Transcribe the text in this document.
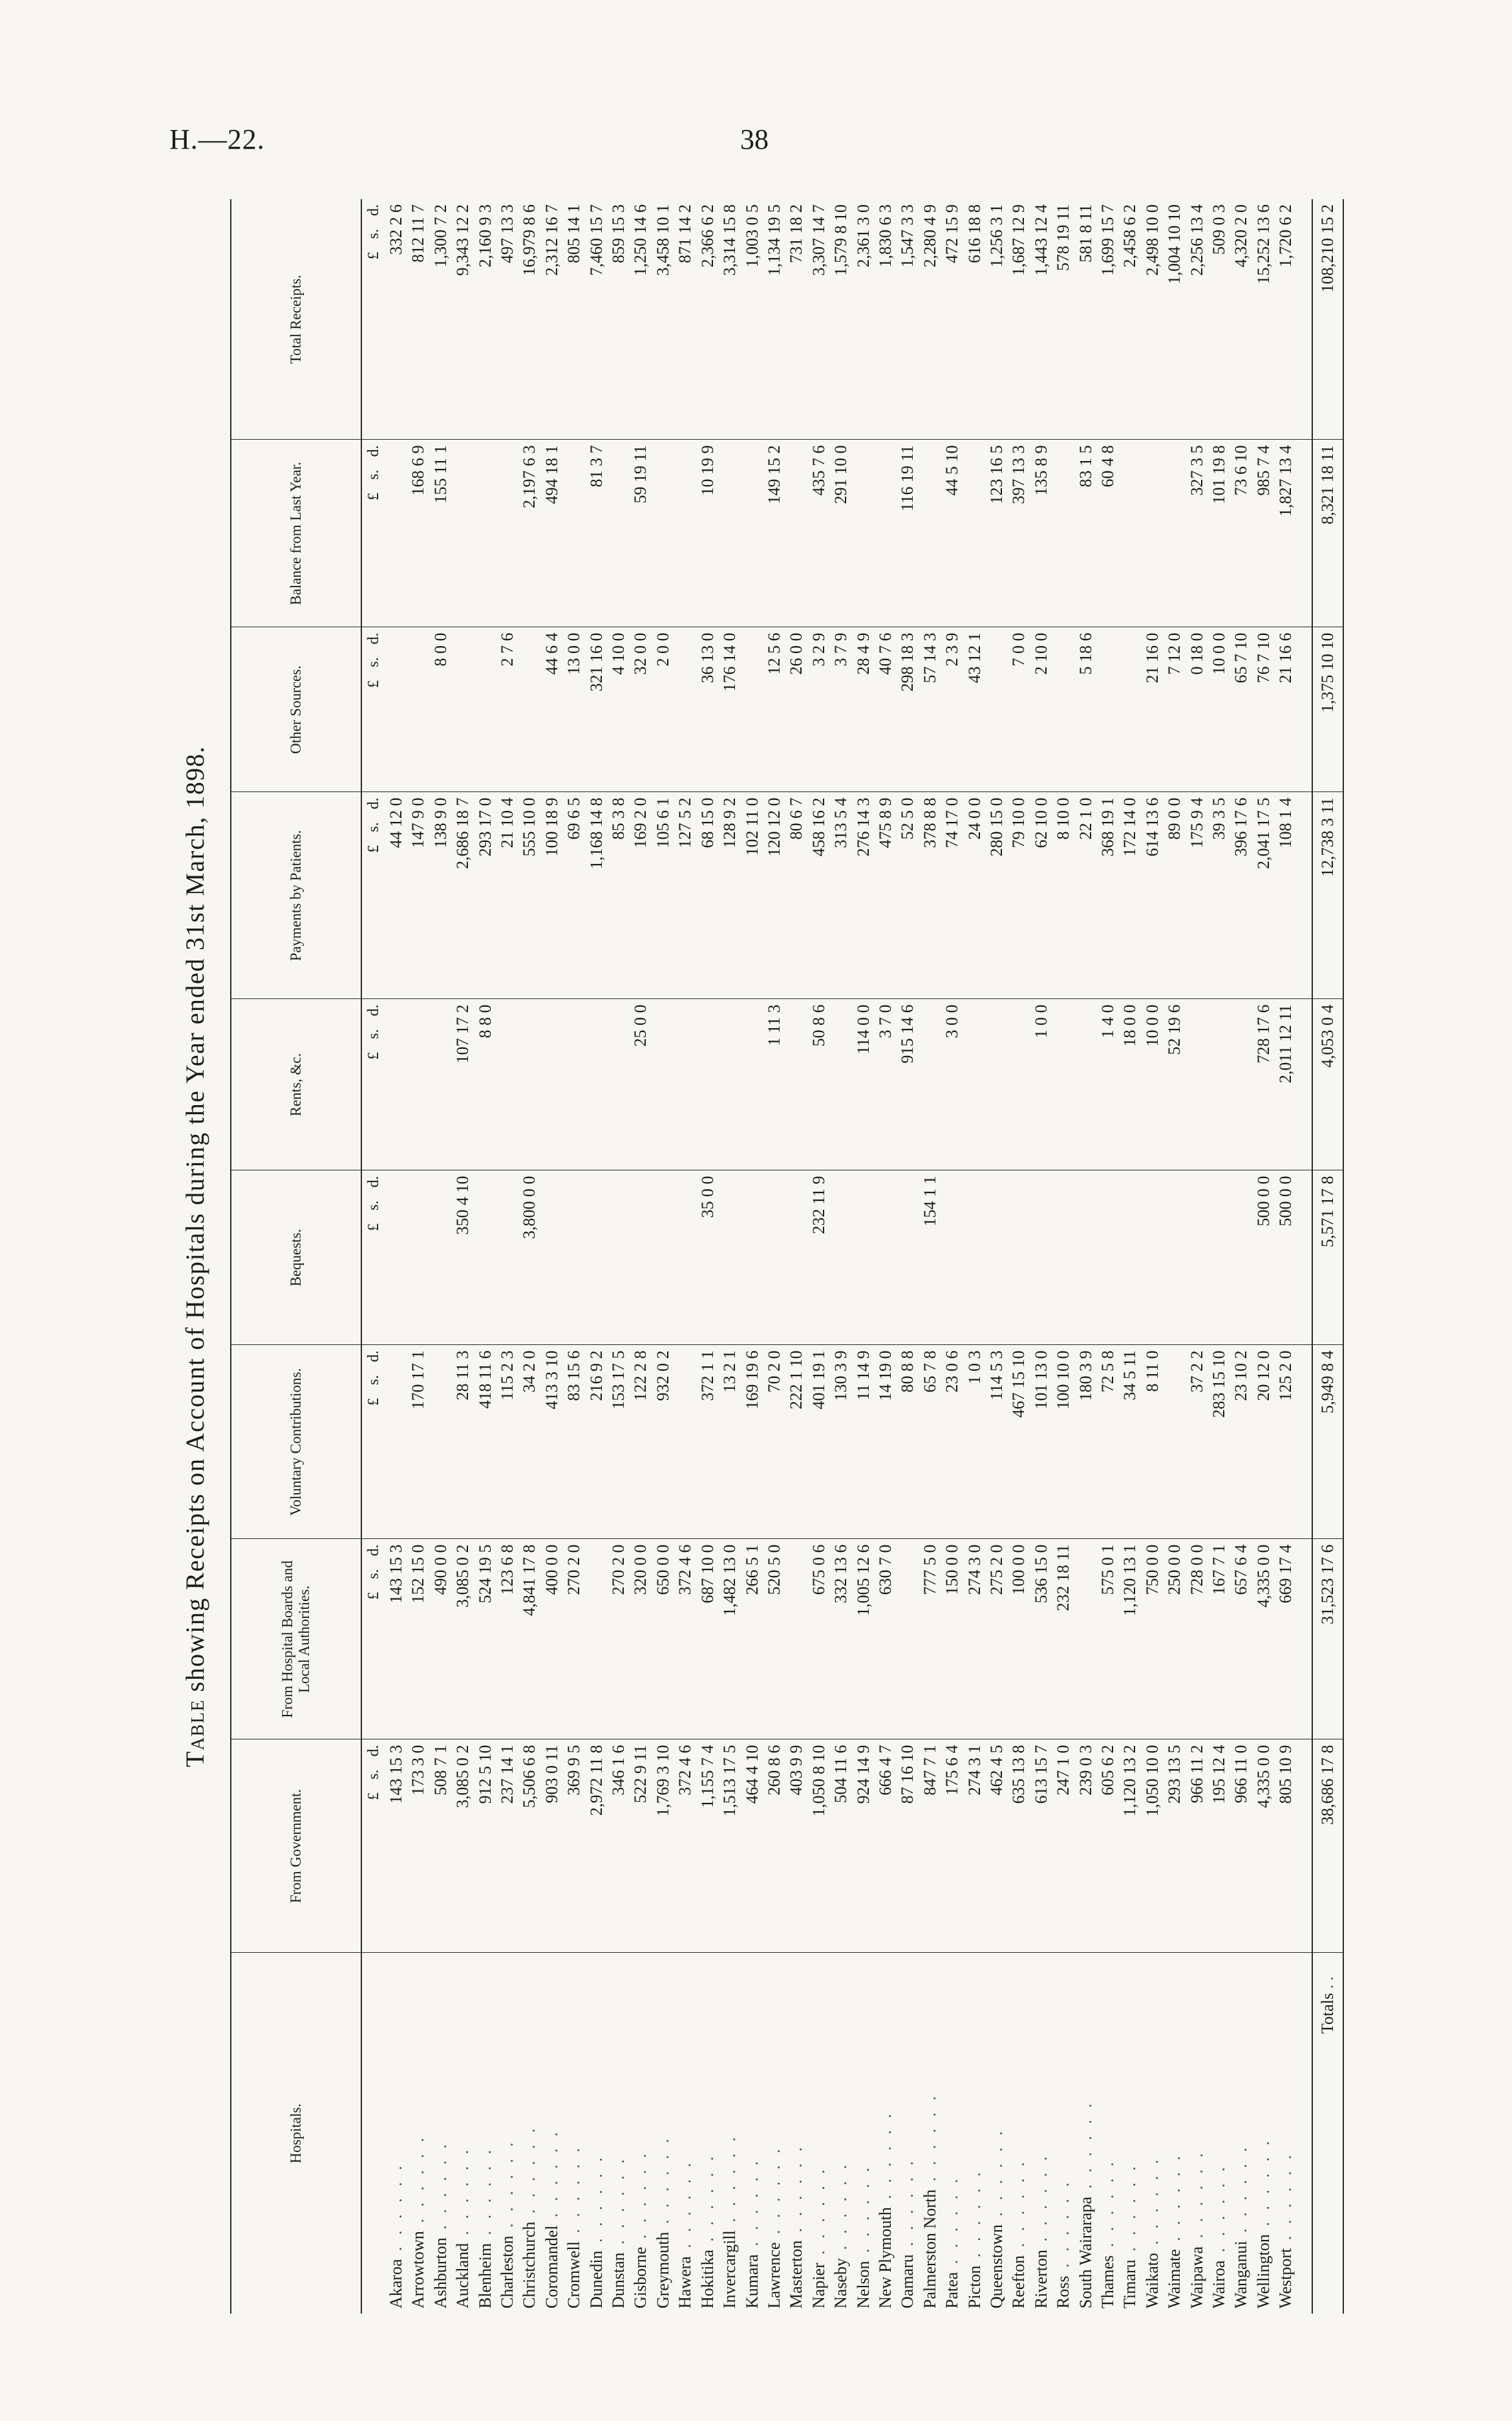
H.—22.	38
Table showing Receipts on Account of Hospitals during the Year ended 31st March, 1898.
Hospitals.	From Government.	From Hospital Boards and Local Authorities.	Voluntary Contributions.	Bequests.	Rents, &c.	Payments by Patients.	Other Sources.	Balance from Last Year.	Total Receipts.
	£ s. d.	£ s. d.	£ s. d.	£ s. d.	£ s. d.	£ s. d.	£ s. d.	£ s. d.	£ s. d.
Akaroa . . . . . .	143 15 3	143 15 3				44 12 0			332 2 6
Arrowtown . . . . . .	173 3 0	152 15 0	170 17 1			147 9 0		168 6 9	812 11 7
Ashburton . . . . . .	508 7 1	490 0 0				138 9 0	8 0 0	155 11 1	1,300 7 2
Auckland . . . . . .	3,085 0 2	3,085 0 2	28 11 3	350 4 10	107 17 2	2,686 18 7			9,343 12 2
Blenheim . . . . . .	912 5 10	524 19 5	418 11 6		8 8 0	293 17 0			2,160 9 3
Charleston . . . . . .	237 14 1	123 6 8	115 2 3			21 10 4	2 7 6		497 13 3
Christchurch . . . . . .	5,506 6 8	4,841 17 8	34 2 0	3,800 0 0		555 10 0		2,197 6 3	16,979 8 6
Coromandel . . . . . .	903 0 11	400 0 0	413 3 10			100 18 9	44 6 4	494 18 1	2,312 16 7
Cromwell . . . . . .	369 9 5	270 2 0	83 15 6			69 6 5	13 0 0		805 14 1
Dunedin . . . . . .	2,972 11 8		216 9 2			1,168 14 8	321 16 0	81 3 7	7,460 15 7
Dunstan . . . . . .	346 1 6	270 2 0	153 17 5			85 3 8	4 10 0		859 15 3
Gisborne . . . . . .	522 9 11	320 0 0	122 2 8		25 0 0	169 2 0	32 0 0	59 19 11	1,250 14 6
Greymouth . . . . . .	1,769 3 10	650 0 0	932 0 2			105 6 1	2 0 0		3,458 10 1
Hawera . . . . . .	372 4 6	372 4 6				127 5 2			871 14 2
Hokitika . . . . . .	1,155 7 4	687 10 0	372 1 1	35 0 0		68 15 0	36 13 0	10 19 9	2,366 6 2
Invercargill . . . . . .	1,513 17 5	1,482 13 0	13 2 1			128 9 2	176 14 0		3,314 15 8
Kumara . . . . . .	464 4 10	266 5 1	169 19 6			102 11 0			1,003 0 5
Lawrence . . . . . .	260 8 6	520 5 0	70 2 0		1 11 3	120 12 0	12 5 6	149 15 2	1,134 19 5
Masterton . . . . . .	403 9 9		222 1 10			80 6 7	26 0 0		731 18 2
Napier . . . . . .	1,050 8 10	675 0 6	401 19 1	232 11 9	50 8 6	458 16 2	3 2 9	435 7 6	3,307 14 7
Naseby . . . . . .	504 11 6	332 13 6	130 3 9			313 5 4	3 7 9	291 10 0	1,579 8 10
Nelson . . . . . .	924 14 9	1,005 12 6	11 14 9		114 0 0	276 14 3	28 4 9		2,361 3 0
New Plymouth . . . . . .	666 4 7	630 7 0	14 19 0		3 7 0	475 8 9	40 7 6		1,830 6 3
Oamaru . . . . . .	87 16 10		80 8 8		915 14 6	52 5 0	298 18 3	116 19 11	1,547 3 3
Palmerston North . . . . . .	847 7 1	777 5 0	65 7 8	154 1 1		378 8 8	57 14 3		2,280 4 9
Patea . . . . . .	175 6 4	150 0 0	23 0 6		3 0 0	74 17 0	2 3 9	44 5 10	472 15 9
Picton . . . . . .	274 3 1	274 3 0	1 0 3			24 0 0	43 12 1		616 18 8
Queenstown . . . . . .	462 4 5	275 2 0	114 5 3			280 15 0		123 16 5	1,256 3 1
Reefton . . . . . .	635 13 8	100 0 0	467 15 10			79 10 0	7 0 0	397 13 3	1,687 12 9
Riverton . . . . . .	613 15 7	536 15 0	101 13 0		1 0 0	62 10 0	2 10 0	135 8 9	1,443 12 4
Ross . . . . . .	247 1 0	232 18 11	100 10 0			8 10 0			578 19 11
South Wairarapa . . . . . .	239 0 3		180 3 9			22 1 0	5 18 6	83 1 5	581 8 11
Thames . . . . . .	605 6 2	575 0 1	72 5 8		1 4 0	368 19 1		60 4 8	1,699 15 7
Timaru . . . . . .	1,120 13 2	1,120 13 1	34 5 11		18 0 0	172 14 0			2,458 6 2
Waikato . . . . . .	1,050 10 0	750 0 0	8 11 0		10 0 0	614 13 6	21 16 0		2,498 10 0
Waimate . . . . . .	293 13 5	250 0 0			52 19 6	89 0 0	7 12 0		1,004 10 10
Waipawa . . . . . .	966 11 2	728 0 0	37 2 2			175 9 4	0 18 0	327 3 5	2,256 13 4
Wairoa . . . . . .	195 12 4	167 7 1	283 15 10			39 3 5	10 0 0	101 19 8	509 0 3
Wanganui . . . . . .	966 11 0	657 6 4	23 10 2			396 17 6	65 7 10	73 6 10	4,320 2 0
Wellington . . . . . .	4,335 0 0	4,335 0 0	20 12 0	500 0 0	728 17 6	2,041 17 5	76 7 10	985 7 4	15,252 13 6
Westport . . . . . .	805 10 9	669 17 4	125 2 0	500 0 0	2,011 12 11	108 1 4	21 16 6	1,827 13 4	1,720 6 2

Totals ..	38,686 17 8	31,523 17 6	5,949 8 4	5,571 17 8	4,053 0 4	12,738 3 11	1,375 10 10	8,321 18 11	108,210 15 2
